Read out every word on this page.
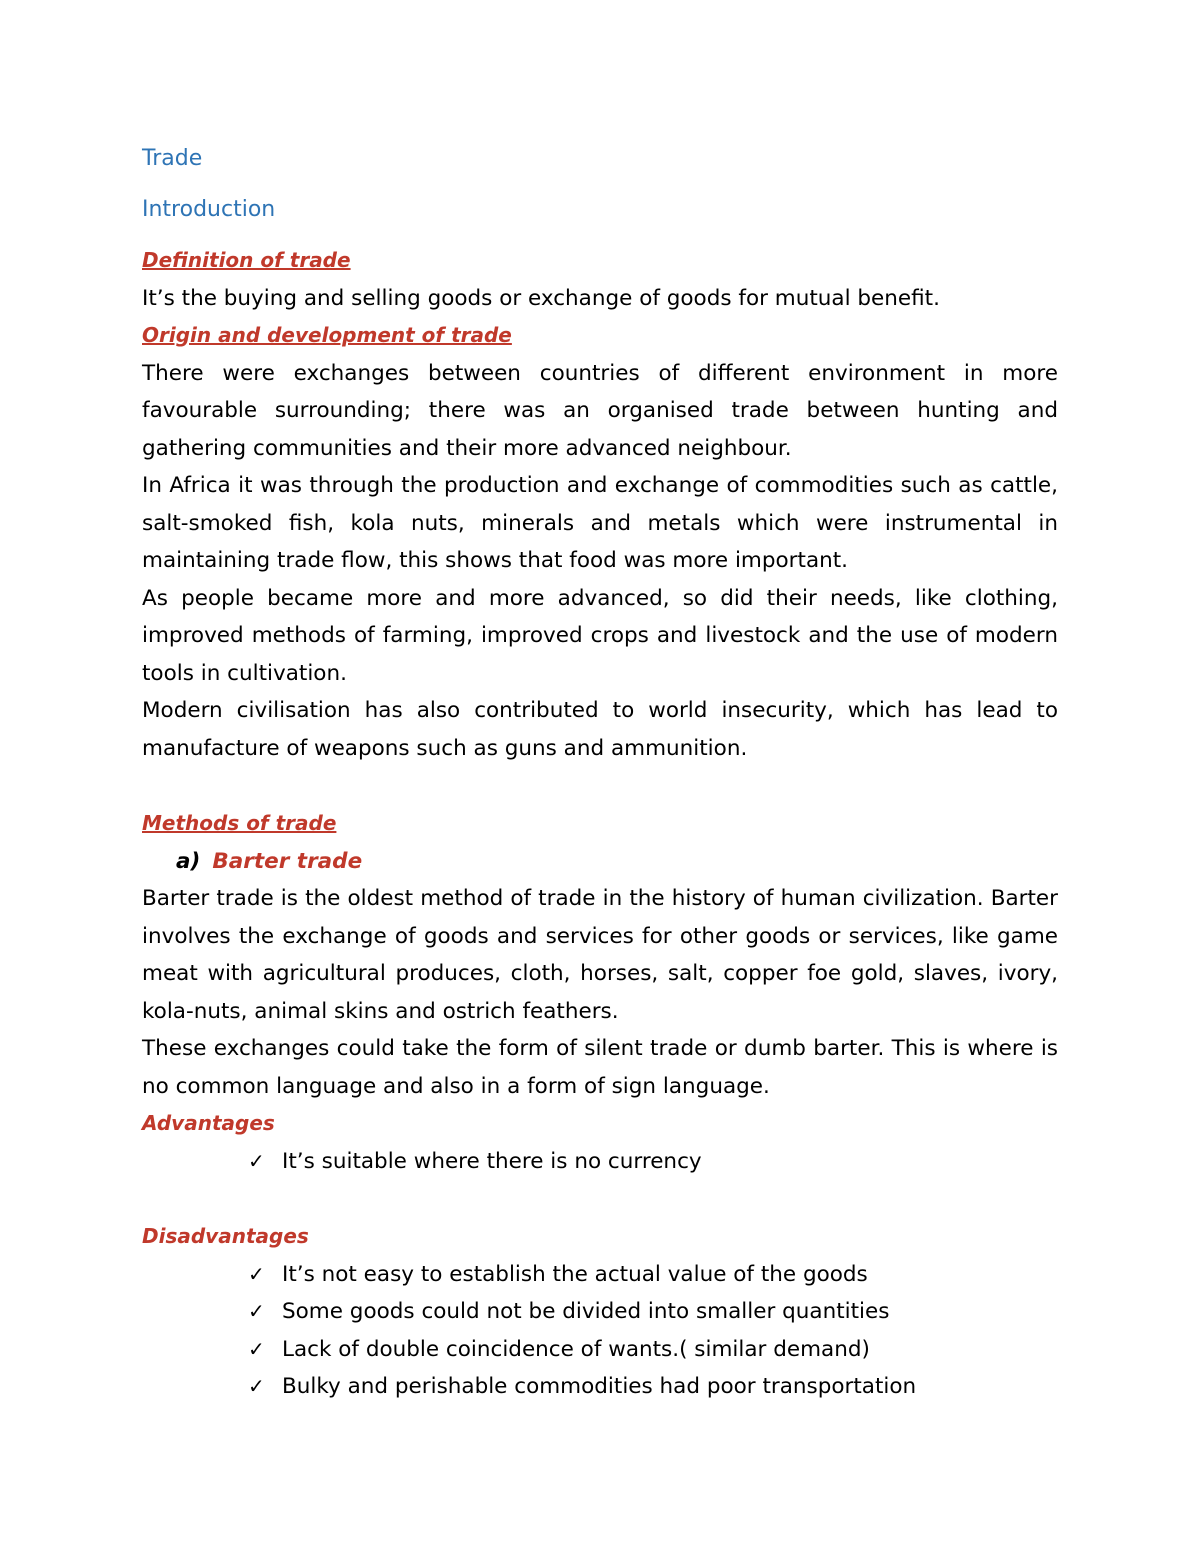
Trade
Introduction
Definition of trade
It’s the buying and selling goods or exchange of goods for mutual benefit.
Origin and development of trade

There were exchanges between countries of different environment in more favourable surrounding; there was an organised trade between hunting and gathering communities and their more advanced neighbour.

In Africa it was through the production and exchange of commodities such as cattle, salt-smoked fish, kola nuts, minerals and metals which were instrumental in maintaining trade flow, this shows that food was more important.

As people became more and more advanced, so did their needs, like clothing, improved methods of farming, improved crops and livestock and the use of modern tools in cultivation.

Modern civilisation has also contributed to world insecurity, which has lead to manufacture of weapons such as guns and ammunition.

Methods of trade
a) Barter trade

Barter trade is the oldest method of trade in the history of human civilization. Barter involves the exchange of goods and services for other goods or services, like game meat with agricultural produces, cloth, horses, salt, copper foe gold, slaves, ivory, kola-nuts, animal skins and ostrich feathers.

These exchanges could take the form of silent trade or dumb barter. This is where is no common language and also in a form of sign language.

Advantages
✓ It’s suitable where there is no currency
Disadvantages
✓ It’s not easy to establish the actual value of the goods
✓ Some goods could not be divided into smaller quantities
✓ Lack of double coincidence of wants.( similar demand)
✓ Bulky and perishable commodities had poor transportation
